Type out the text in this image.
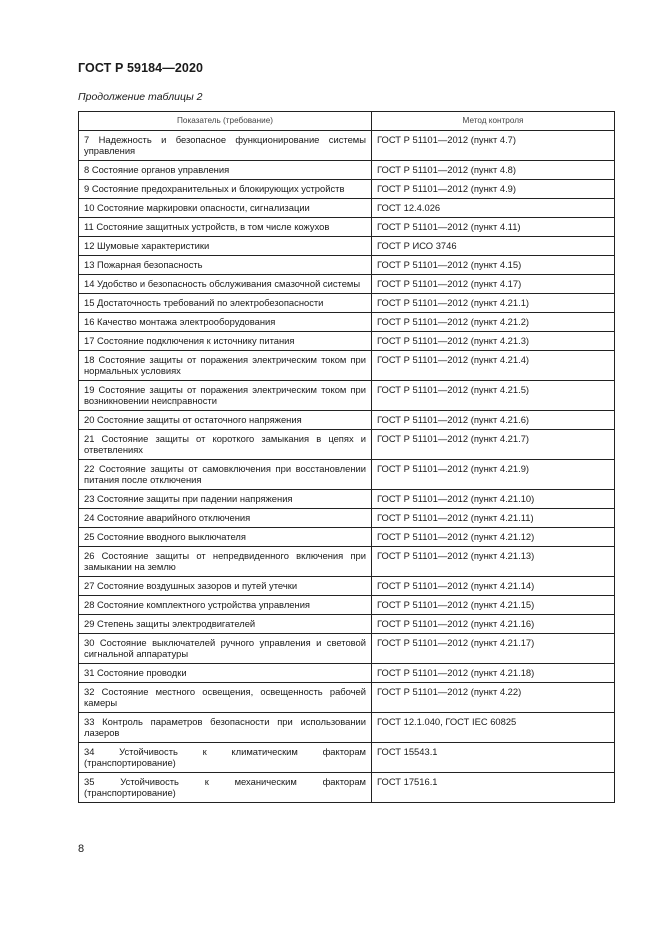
ГОСТ Р 59184—2020
Продолжение таблицы 2
Показатель (требование)	Метод контроля
7 Надежность и безопасное функционирование системы управления	ГОСТ Р 51101—2012 (пункт 4.7)
8 Состояние органов управления	ГОСТ Р 51101—2012 (пункт 4.8)
9 Состояние предохранительных и блокирующих устройств	ГОСТ Р 51101—2012 (пункт 4.9)
10 Состояние маркировки опасности, сигнализации	ГОСТ 12.4.026
11 Состояние защитных устройств, в том числе кожухов	ГОСТ Р 51101—2012 (пункт 4.11)
12 Шумовые характеристики	ГОСТ Р ИСО 3746
13 Пожарная безопасность	ГОСТ Р 51101—2012 (пункт 4.15)
14 Удобство и безопасность обслуживания смазочной системы	ГОСТ Р 51101—2012 (пункт 4.17)
15 Достаточность требований по электробезопасности	ГОСТ Р 51101—2012 (пункт 4.21.1)
16 Качество монтажа электрооборудования	ГОСТ Р 51101—2012 (пункт 4.21.2)
17 Состояние подключения к источнику питания	ГОСТ Р 51101—2012 (пункт 4.21.3)
18 Состояние защиты от поражения электрическим током при нормальных условиях	ГОСТ Р 51101—2012 (пункт 4.21.4)
19 Состояние защиты от поражения электрическим током при возникновении неисправности	ГОСТ Р 51101—2012 (пункт 4.21.5)
20 Состояние защиты от остаточного напряжения	ГОСТ Р 51101—2012 (пункт 4.21.6)
21 Состояние защиты от короткого замыкания в цепях и ответвлениях	ГОСТ Р 51101—2012 (пункт 4.21.7)
22 Состояние защиты от самовключения при восстановлении питания после отключения	ГОСТ Р 51101—2012 (пункт 4.21.9)
23 Состояние защиты при падении напряжения	ГОСТ Р 51101—2012 (пункт 4.21.10)
24 Состояние аварийного отключения	ГОСТ Р 51101—2012 (пункт 4.21.11)
25 Состояние вводного выключателя	ГОСТ Р 51101—2012 (пункт 4.21.12)
26 Состояние защиты от непредвиденного включения при замыкании на землю	ГОСТ Р 51101—2012 (пункт 4.21.13)
27 Состояние воздушных зазоров и путей утечки	ГОСТ Р 51101—2012 (пункт 4.21.14)
28 Состояние комплектного устройства управления	ГОСТ Р 51101—2012 (пункт 4.21.15)
29 Степень защиты электродвигателей	ГОСТ Р 51101—2012 (пункт 4.21.16)
30 Состояние выключателей ручного управления и световой сигнальной аппаратуры	ГОСТ Р 51101—2012 (пункт 4.21.17)
31 Состояние проводки	ГОСТ Р 51101—2012 (пункт 4.21.18)
32 Состояние местного освещения, освещенность рабочей камеры	ГОСТ Р 51101—2012 (пункт 4.22)
33 Контроль параметров безопасности при использовании лазеров	ГОСТ 12.1.040, ГОСТ IEC 60825
34 Устойчивость к климатическим факторам (транспортирование)	ГОСТ 15543.1
35 Устойчивость к механическим факторам (транспортирование)	ГОСТ 17516.1
8
